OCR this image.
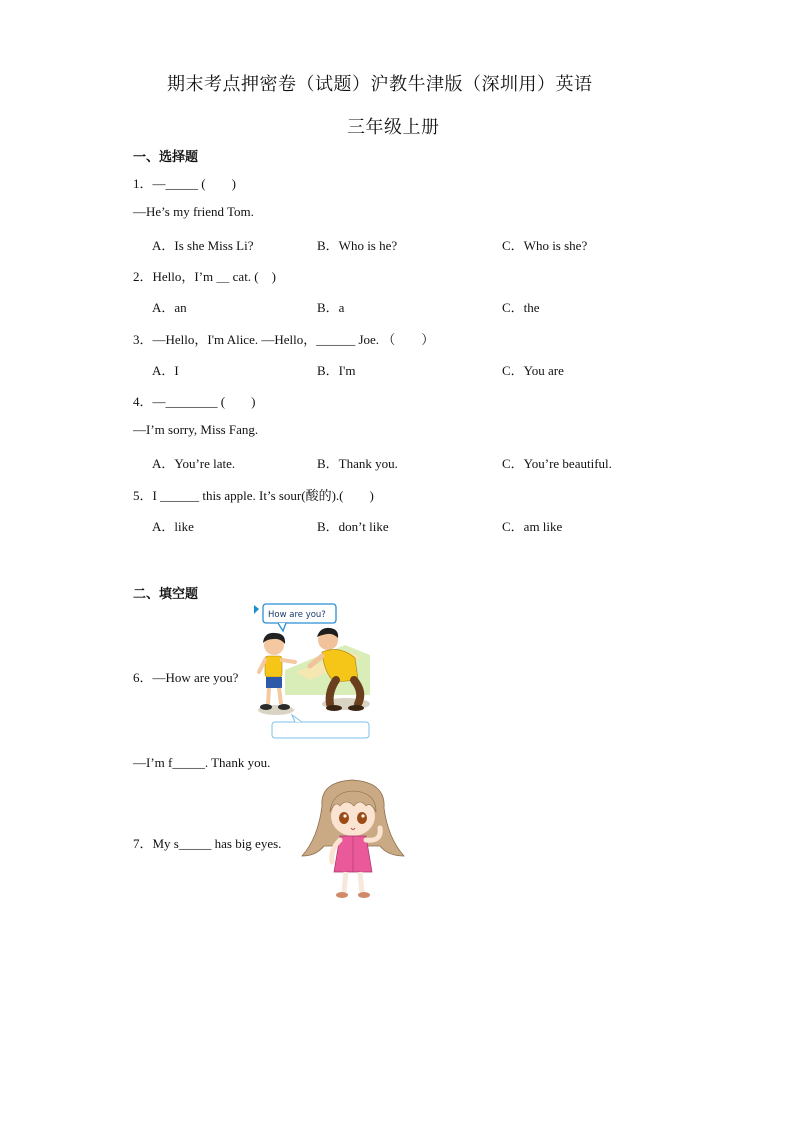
期末考点押密卷（试题）沪教牛津版（深圳用）英语
三年级上册
一、选择题
1．—_____ (　　)
—He’s my friend Tom.
A．Is she Miss Li?	B．Who is he?	C．Who is she?
2．Hello，I’m ＿ cat. (　)
A．an	B．a	C．the
3．—Hello，I'm Alice. —Hello，______ Joe. （　　）
A．I	B．I'm	C．You are
4．—________ (　　)
—I’m sorry, Miss Fang.
A．You’re late.	B．Thank you.	C．You’re beautiful.
5．I ______ this apple. It’s sour(酸的).(　　)
A．like	B．don’t like	C．am like
二、填空题
6．—How are you?
How are you?
—I’m f_____. Thank you.
7．My s_____ has big eyes.
